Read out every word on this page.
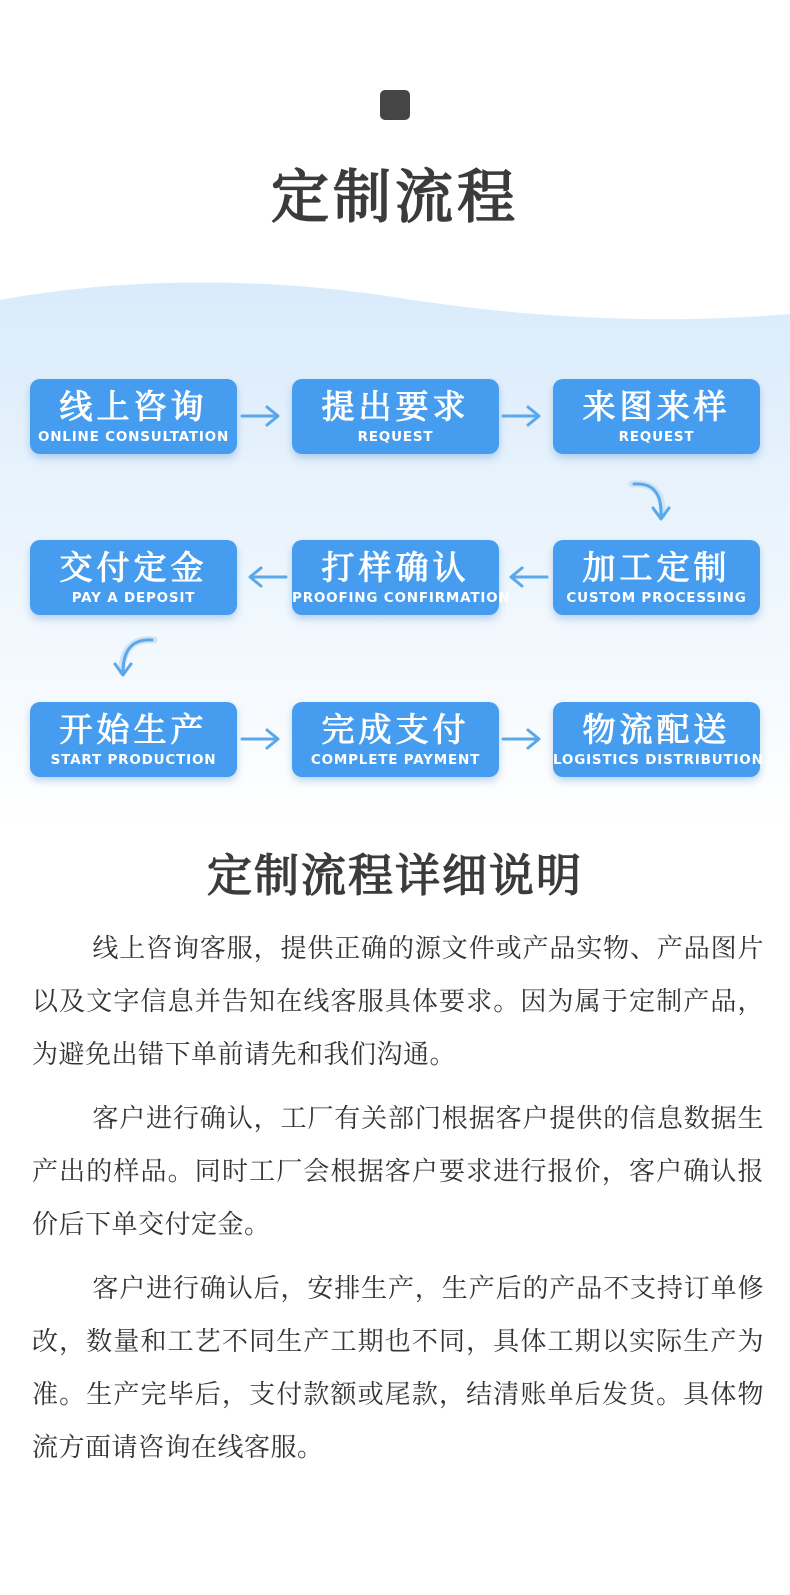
定制流程
线上咨询
ONLINE CONSULTATION
提出要求
REQUEST
来图来样
REQUEST
加工定制
CUSTOM PROCESSING
打样确认
PROOFING CONFIRMATION
交付定金
PAY A DEPOSIT
开始生产
START PRODUCTION
完成支付
COMPLETE PAYMENT
物流配送
LOGISTICS DISTRIBUTION
定制流程详细说明

线上咨询客服，提供正确的源文件或产品实物、产品图片以及文字信息并告知在线客服具体要求。因为属于定制产品，为避免出错下单前请先和我们沟通。

客户进行确认，工厂有关部门根据客户提供的信息数据生产出的样品。同时工厂会根据客户要求进行报价，客户确认报价后下单交付定金。

客户进行确认后，安排生产，生产后的产品不支持订单修改，数量和工艺不同生产工期也不同，具体工期以实际生产为准。生产完毕后，支付款额或尾款，结清账单后发货。具体物流方面请咨询在线客服。
